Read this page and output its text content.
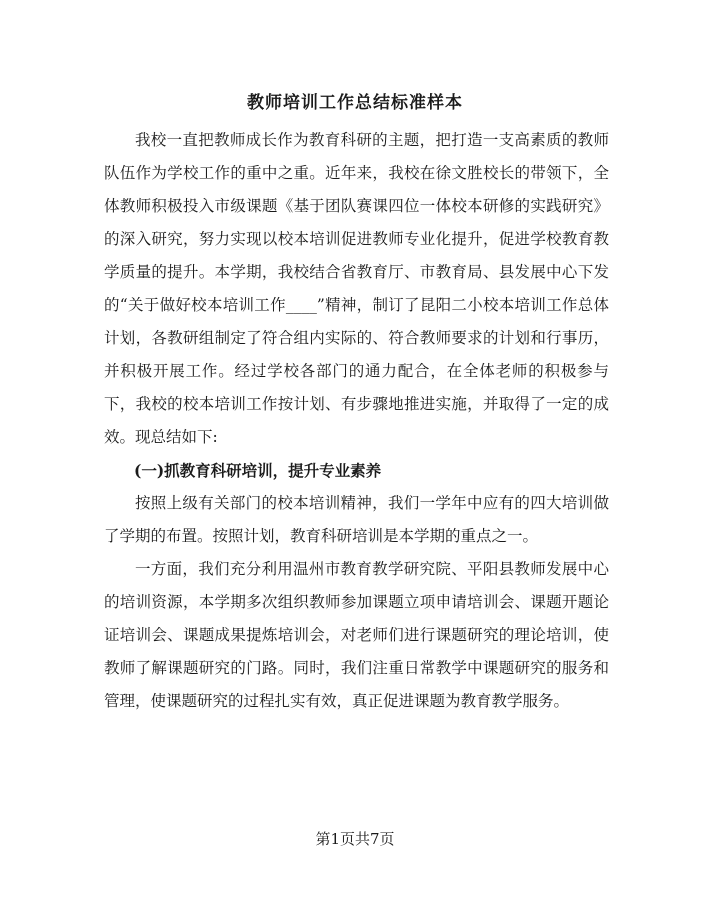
教师培训工作总结标准样本

我校一直把教师成长作为教育科研的主题，把打造一支高素质的教师队伍作为学校工作的重中之重。近年来，我校在徐文胜校长的带领下，全体教师积极投入市级课题《基于团队赛课四位一体校本研修的实践研究》的深入研究，努力实现以校本培训促进教师专业化提升，促进学校教育教学质量的提升。本学期，我校结合省教育厅、市教育局、县发展中心下发的“关于做好校本培训工作____”精神，制订了昆阳二小校本培训工作总体计划，各教研组制定了符合组内实际的、符合教师要求的计划和行事历，并积极开展工作。经过学校各部门的通力配合，在全体老师的积极参与下，我校的校本培训工作按计划、有步骤地推进实施，并取得了一定的成效。现总结如下:

(一)抓教育科研培训，提升专业素养

按照上级有关部门的校本培训精神，我们一学年中应有的四大培训做了学期的布置。按照计划，教育科研培训是本学期的重点之一。

一方面，我们充分利用温州市教育教学研究院、平阳县教师发展中心的培训资源，本学期多次组织教师参加课题立项申请培训会、课题开题论证培训会、课题成果提炼培训会，对老师们进行课题研究的理论培训，使教师了解课题研究的门路。同时，我们注重日常教学中课题研究的服务和管理，使课题研究的过程扎实有效，真正促进课题为教育教学服务。

第1页共7页
